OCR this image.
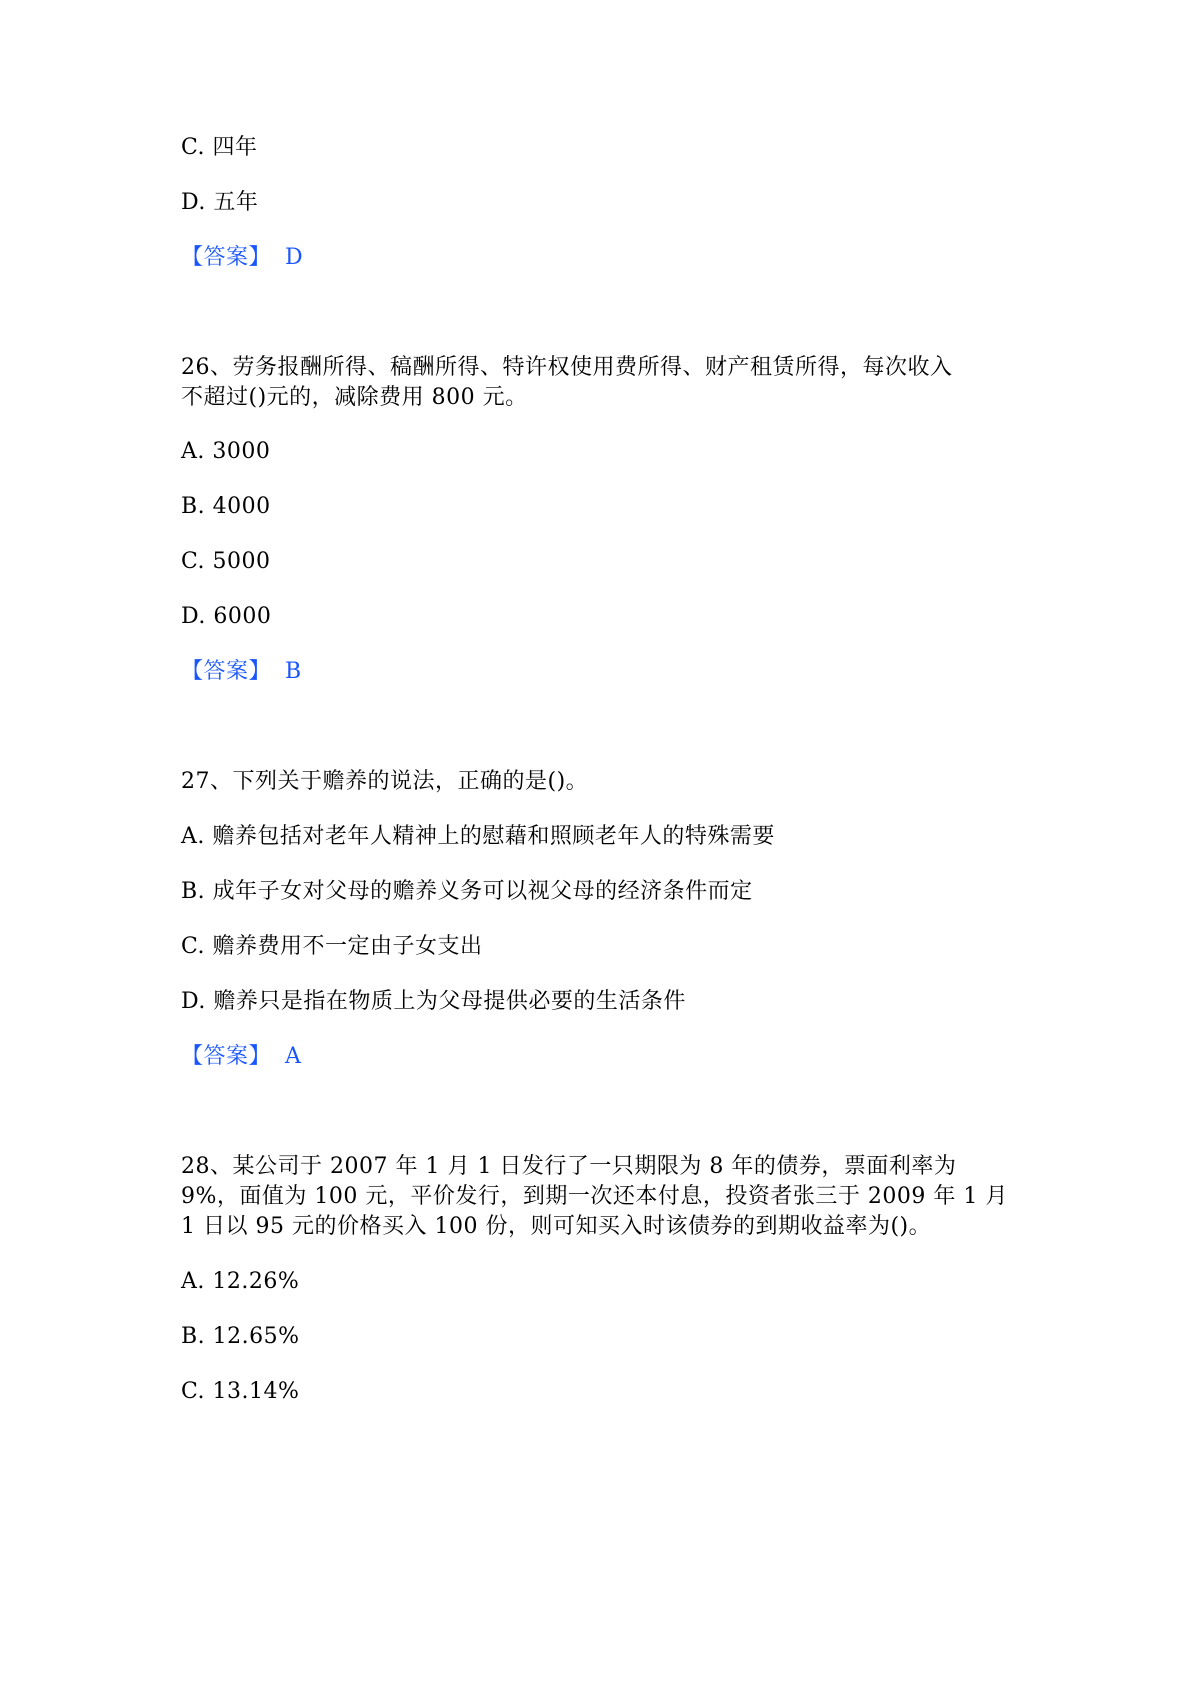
C. 四年
D. 五年
【答案】 D
26、劳务报酬所得、稿酬所得、特许权使用费所得、财产租赁所得，每次收入
不超过()元的，减除费用 800 元。
A. 3000
B. 4000
C. 5000
D. 6000
【答案】 B
27、下列关于赡养的说法，正确的是()。
A. 赡养包括对老年人精神上的慰藉和照顾老年人的特殊需要
B. 成年子女对父母的赡养义务可以视父母的经济条件而定
C. 赡养费用不一定由子女支出
D. 赡养只是指在物质上为父母提供必要的生活条件
【答案】 A
28、某公司于 2007 年 1 月 1 日发行了一只期限为 8 年的债券，票面利率为
9%，面值为 100 元，平价发行，到期一次还本付息，投资者张三于 2009 年 1 月
1 日以 95 元的价格买入 100 份，则可知买入时该债券的到期收益率为()。
A. 12.26%
B. 12.65%
C. 13.14%
